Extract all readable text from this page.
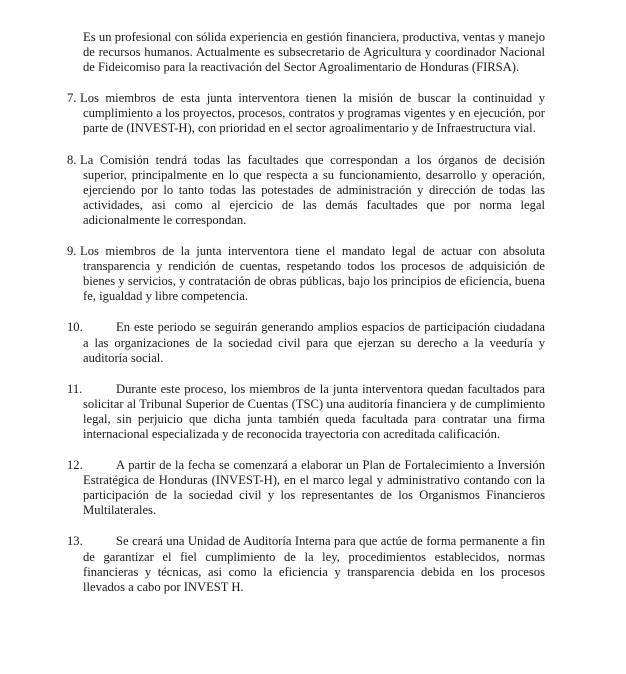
Es un profesional con sólida experiencia en gestión financiera, productiva, ventas y manejo de recursos humanos. Actualmente es subsecretario de Agricultura y coordinador Nacional de Fideicomiso para la reactivación del Sector Agroalimentario de Honduras (FIRSA).

7. Los miembros de esta junta interventora tienen la misión de buscar la continuidad y cumplimiento a los proyectos, procesos, contratos y programas vigentes y en ejecución, por parte de (INVEST-H), con prioridad en el sector agroalimentario y de Infraestructura vial.

8. La Comisión tendrá todas las facultades que correspondan a los órganos de decisión superior, principalmente en lo que respecta a su funcionamiento, desarrollo y operación, ejerciendo por lo tanto todas las potestades de administración y dirección de todas las actividades, asi como al ejercicio de las demás facultades que por norma legal adicionalmente le correspondan.

9. Los miembros de la junta interventora tiene el mandato legal de actuar con absoluta transparencia y rendición de cuentas, respetando todos los procesos de adquisición de bienes y servicios, y contratación de obras públicas, bajo los principios de eficiencia, buena fe, igualdad y libre competencia.

10.	En este periodo se seguirán generando amplios espacios de participación ciudadana a las organizaciones de la sociedad civil para que ejerzan su derecho a la veeduría y auditoría social.

11.	Durante este proceso, los miembros de la junta interventora quedan facultados para solicitar al Tribunal Superior de Cuentas (TSC) una auditoría financiera y de cumplimiento legal, sin perjuicio que dicha junta también queda facultada para contratar una firma internacional especializada y de reconocida trayectoria con acreditada calificación.

12.	A partir de la fecha se comenzará a elaborar un Plan de Fortalecimiento a Inversión Estratégica de Honduras (INVEST-H), en el marco legal y administrativo contando con la participación de la sociedad civil y los representantes de los Organismos Financieros Multilaterales.

13.	Se creará una Unidad de Auditoría Interna para que actúe de forma permanente a fin de garantizar el fiel cumplimiento de la ley, procedimientos establecidos, normas financieras y técnicas, asi como la eficiencia y transparencia debida en los procesos llevados a cabo por INVEST H.
